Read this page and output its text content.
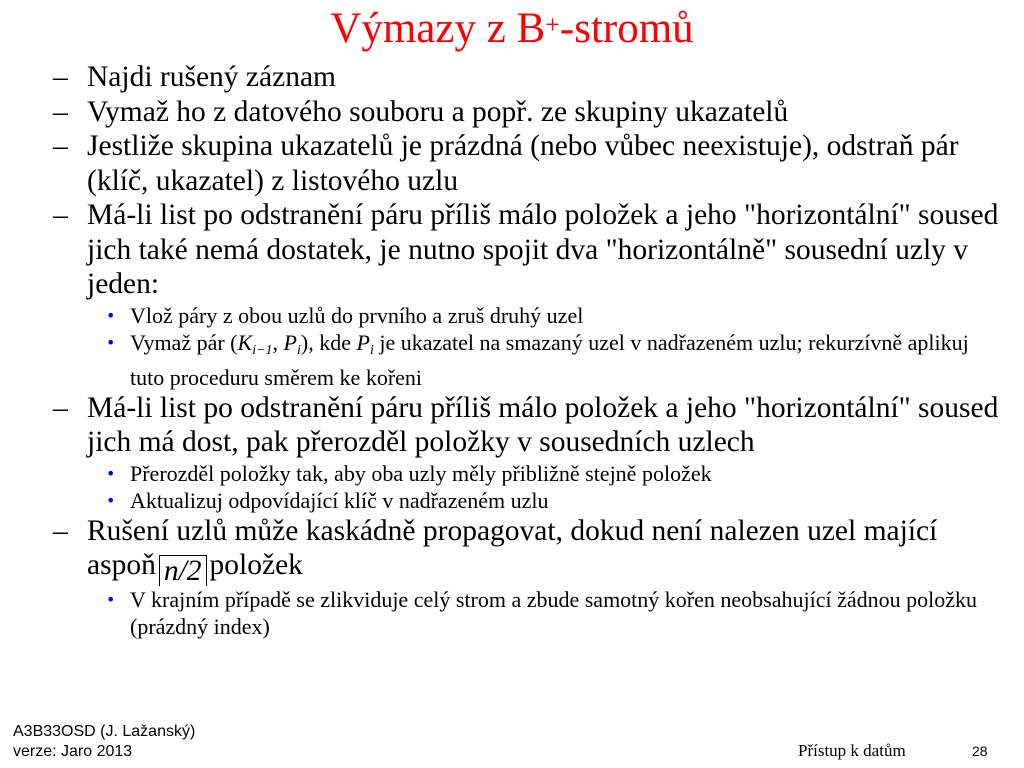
Výmazy z B+-stromů
– Najdi rušený záznam
– Vymaž ho z datového souboru a popř. ze skupiny ukazatelů
– Jestliže skupina ukazatelů je prázdná (nebo vůbec neexistuje), odstraň pár (klíč, ukazatel) z listového uzlu
– Má-li list po odstranění páru příliš málo položek a jeho "horizontální" soused jich také nemá dostatek, je nutno spojit dva "horizontálně" sousední uzly v jeden:
• Vlož páry z obou uzlů do prvního a zruš druhý uzel
• Vymaž pár ($K_{i-1}$, $P_i$), kde $P_i$ je ukazatel na smazaný uzel v nadřazeném uzlu; rekurzívně aplikuj tuto proceduru směrem ke kořeni
– Má-li list po odstranění páru příliš málo položek a jeho "horizontální" soused jich má dost, pak přerozděl položky v sousedních uzlech
• Přerozděl položky tak, aby oba uzly měly přibližně stejně položek
• Aktualizuj odpovídající klíč v nadřazeném uzlu
– Rušení uzlů může kaskádně propagovat, dokud není nalezen uzel mající aspoň n/2 položek
• V krajním případě se zlikviduje celý strom a zbude samotný kořen neobsahující žádnou položku (prázdný index)
A3B33OSD (J. Lažanský)
verze: Jaro 2013	Přístup k datům	28
